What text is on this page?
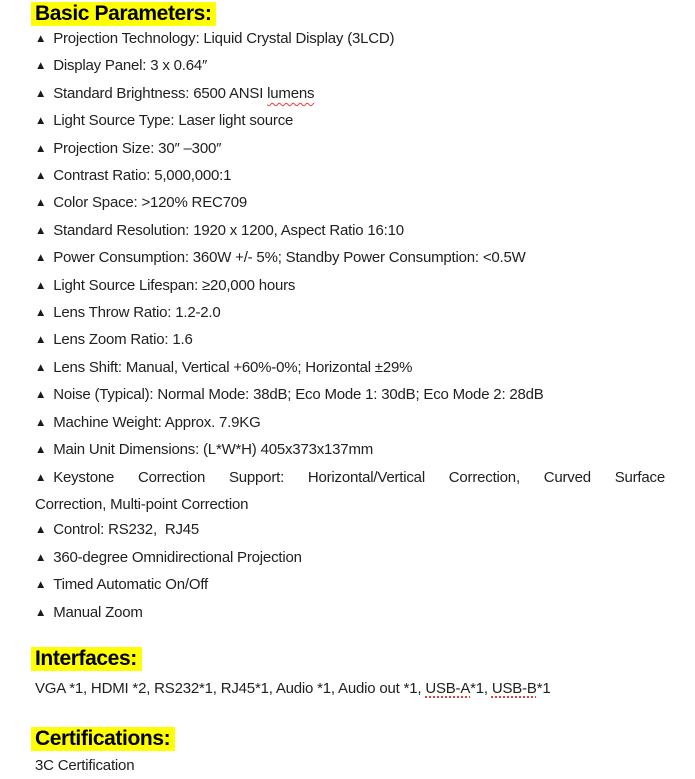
Basic Parameters:
▲ Projection Technology: Liquid Crystal Display (3LCD)
▲ Display Panel: 3 x 0.64″
▲ Standard Brightness: 6500 ANSI lumens
▲ Light Source Type: Laser light source
▲ Projection Size: 30″ –300″
▲ Contrast Ratio: 5,000,000:1
▲ Color Space: >120% REC709
▲ Standard Resolution: 1920 x 1200, Aspect Ratio 16:10
▲ Power Consumption: 360W +/- 5%; Standby Power Consumption: <0.5W
▲ Light Source Lifespan: ≥20,000 hours
▲ Lens Throw Ratio: 1.2-2.0
▲ Lens Zoom Ratio: 1.6
▲ Lens Shift: Manual, Vertical +60%-0%; Horizontal ±29%
▲ Noise (Typical): Normal Mode: 38dB; Eco Mode 1: 30dB; Eco Mode 2: 28dB
▲ Machine Weight: Approx. 7.9KG
▲ Main Unit Dimensions: (L*W*H) 405x373x137mm
▲ Keystone Correction Support: Horizontal/Vertical Correction, Curved Surface
Correction, Multi-point Correction
▲ Control: RS232,  RJ45
▲ 360-degree Omnidirectional Projection
▲ Timed Automatic On/Off
▲ Manual Zoom
Interfaces:
VGA *1, HDMI *2, RS232*1, RJ45*1, Audio *1, Audio out *1, USB-A*1, USB-B*1
Certifications:
3C Certification
